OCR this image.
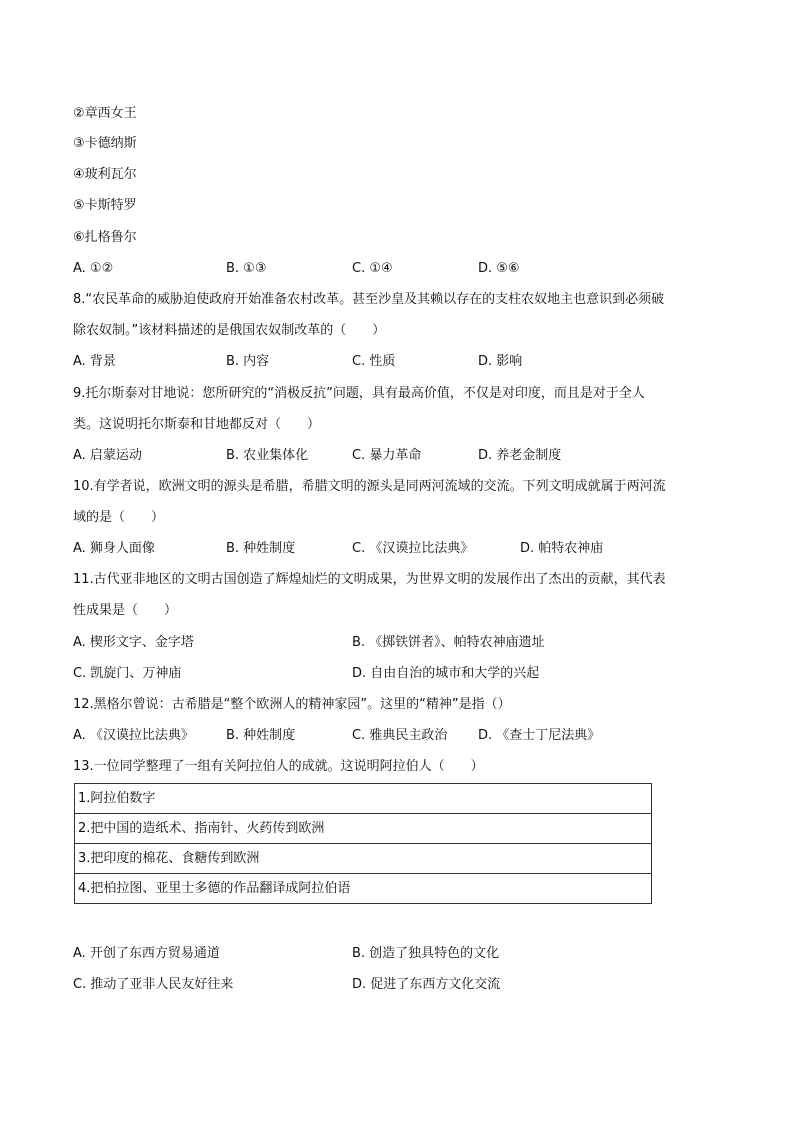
②章西女王
③卡德纳斯
④玻利瓦尔
⑤卡斯特罗
⑥扎格鲁尔
A. ①②	B. ①③	C. ①④	D. ⑤⑥
8.“农民革命的威胁迫使政府开始准备农村改革。甚至沙皇及其赖以存在的支柱农奴地主也意识到必须破
除农奴制。”该材料描述的是俄国农奴制改革的（　　）
A. 背景	B. 内容	C. 性质	D. 影响
9.托尔斯泰对甘地说：您所研究的“消极反抗”问题，具有最高价值，不仅是对印度，而且是对于全人
类。这说明托尔斯泰和甘地都反对（　　）
A. 启蒙运动	B. 农业集体化	C. 暴力革命	D. 养老金制度
10.有学者说，欧洲文明的源头是希腊，希腊文明的源头是同两河流域的交流。下列文明成就属于两河流
域的是（　　）
A. 狮身人面像	B. 种姓制度	C. 《汉谟拉比法典》	D. 帕特农神庙
11.古代亚非地区的文明古国创造了辉煌灿烂的文明成果，为世界文明的发展作出了杰出的贡献，其代表
性成果是（　　）
A. 楔形文字、金字塔	B. 《掷铁饼者》、帕特农神庙遗址
C. 凯旋门、万神庙	D. 自由自治的城市和大学的兴起
12.黑格尔曾说：古希腊是“整个欧洲人的精神家园”。这里的“精神”是指（）
A. 《汉谟拉比法典》 B. 种姓制度	C. 雅典民主政治 D. 《查士丁尼法典》
13.一位同学整理了一组有关阿拉伯人的成就。这说明阿拉伯人（　　）
1.阿拉伯数字
2.把中国的造纸术、指南针、火药传到欧洲
3.把印度的棉花、食糖传到欧洲
4.把柏拉图、亚里士多德的作品翻译成阿拉伯语
A. 开创了东西方贸易通道	B. 创造了独具特色的文化
C. 推动了亚非人民友好往来	D. 促进了东西方文化交流
